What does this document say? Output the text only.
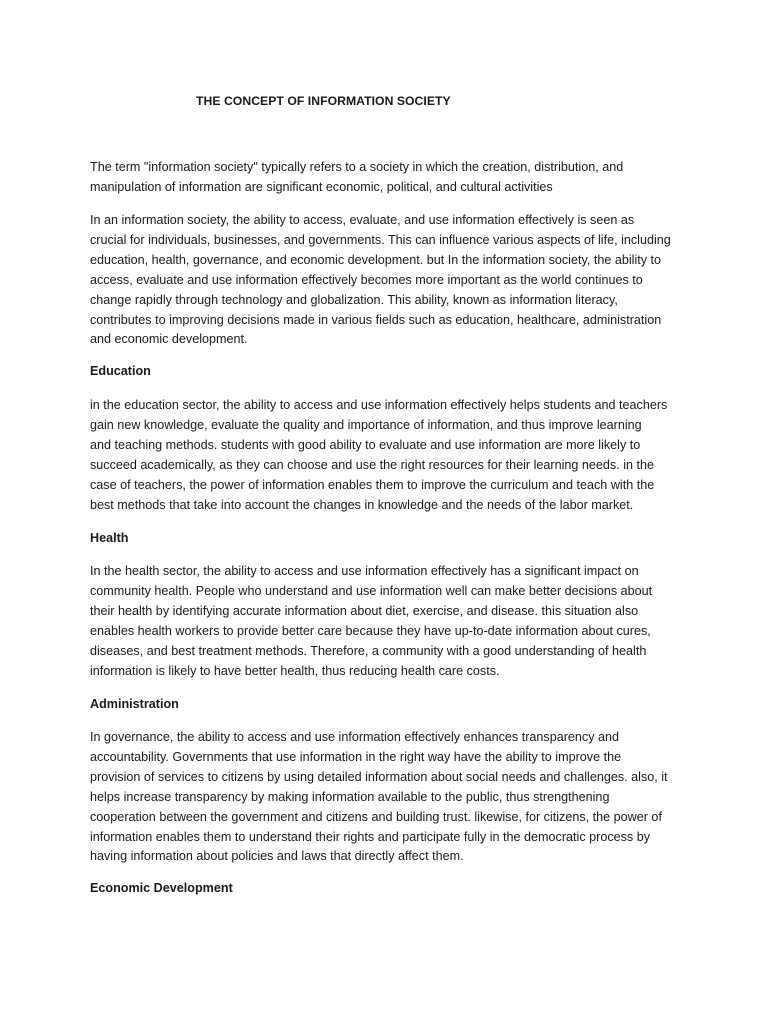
THE CONCEPT OF INFORMATION SOCIETY
The term "information society" typically refers to a society in which the creation, distribution, and
manipulation of information are significant economic, political, and cultural activities
In an information society, the ability to access, evaluate, and use information effectively is seen as
crucial for individuals, businesses, and governments. This can influence various aspects of life, including
education, health, governance, and economic development. but In the information society, the ability to
access, evaluate and use information effectively becomes more important as the world continues to
change rapidly through technology and globalization. This ability, known as information literacy,
contributes to improving decisions made in various fields such as education, healthcare, administration
and economic development.
Education
in the education sector, the ability to access and use information effectively helps students and teachers
gain new knowledge, evaluate the quality and importance of information, and thus improve learning
and teaching methods. students with good ability to evaluate and use information are more likely to
succeed academically, as they can choose and use the right resources for their learning needs. in the
case of teachers, the power of information enables them to improve the curriculum and teach with the
best methods that take into account the changes in knowledge and the needs of the labor market.
Health
In the health sector, the ability to access and use information effectively has a significant impact on
community health. People who understand and use information well can make better decisions about
their health by identifying accurate information about diet, exercise, and disease. this situation also
enables health workers to provide better care because they have up-to-date information about cures,
diseases, and best treatment methods. Therefore, a community with a good understanding of health
information is likely to have better health, thus reducing health care costs.
Administration
In governance, the ability to access and use information effectively enhances transparency and
accountability. Governments that use information in the right way have the ability to improve the
provision of services to citizens by using detailed information about social needs and challenges. also, it
helps increase transparency by making information available to the public, thus strengthening
cooperation between the government and citizens and building trust. likewise, for citizens, the power of
information enables them to understand their rights and participate fully in the democratic process by
having information about policies and laws that directly affect them.
Economic Development
